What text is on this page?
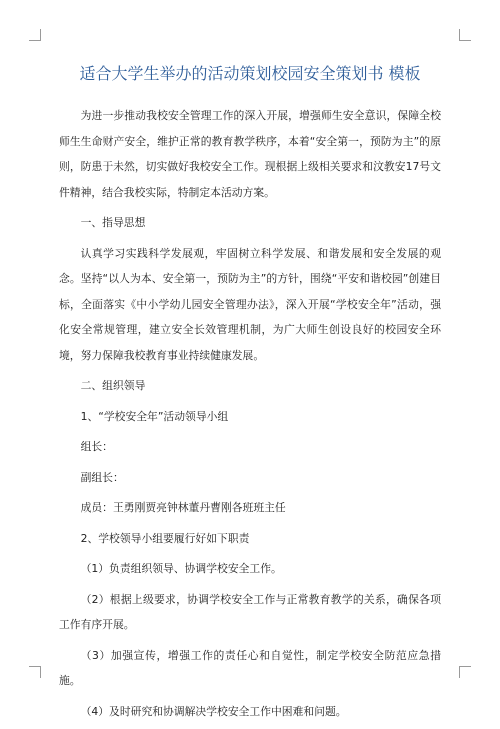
适合大学生举办的活动策划校园安全策划书 模板

为进一步推动我校安全管理工作的深入开展，增强师生安全意识，保障全校师生生命财产安全，维护正常的教育教学秩序，本着“安全第一，预防为主”的原则，防患于未然，切实做好我校安全工作。现根据上级相关要求和汶教安17号文件精神，结合我校实际，特制定本活动方案。

一、指导思想

认真学习实践科学发展观，牢固树立科学发展、和谐发展和安全发展的观念。坚持“以人为本、安全第一，预防为主”的方针，围绕“平安和谐校园”创建目标，全面落实《中小学幼儿园安全管理办法》，深入开展“学校安全年”活动，强化安全常规管理，建立安全长效管理机制，为广大师生创设良好的校园安全环境，努力保障我校教育事业持续健康发展。

二、组织领导

1、“学校安全年”活动领导小组

组长：

副组长：

成员：王勇刚贾亮钟林董丹曹刚各班班主任

2、学校领导小组要履行好如下职责

（1）负责组织领导、协调学校安全工作。

（2）根据上级要求，协调学校安全工作与正常教育教学的关系，确保各项工作有序开展。

（3）加强宣传，增强工作的责任心和自觉性，制定学校安全防范应急措施。

（4）及时研究和协调解决学校安全工作中困难和问题。
